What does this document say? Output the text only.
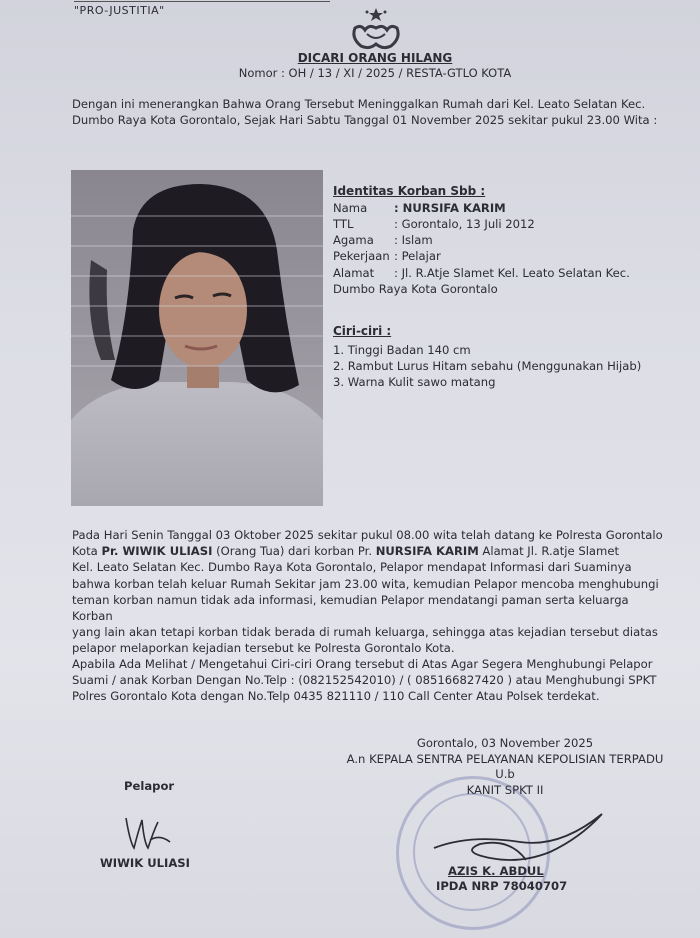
"PRO-JUSTITIA"
DICARI ORANG HILANG
Nomor : OH / 13 / XI / 2025 / RESTA-GTLO KOTA
Dengan ini menerangkan Bahwa Orang Tersebut Meninggalkan Rumah dari Kel. Leato Selatan Kec.
Dumbo Raya Kota Gorontalo, Sejak Hari Sabtu Tanggal 01 November 2025 sekitar pukul 23.00 Wita :
Identitas Korban Sbb :
Nama : NURSIFA KARIM
TTL	: Gorontalo, 13 Juli 2012
Agama : Islam
Pekerjaan : Pelajar
Alamat : Jl. R.Atje Slamet Kel. Leato Selatan Kec.
Dumbo Raya Kota Gorontalo
Ciri-ciri :
1. Tinggi Badan 140 cm
2. Rambut Lurus Hitam sebahu (Menggunakan Hijab)
3. Warna Kulit sawo matang
Pada Hari Senin Tanggal 03 Oktober 2025 sekitar pukul 08.00 wita telah datang ke Polresta Gorontalo
Kota Pr. WIWIK ULIASI (Orang Tua) dari korban Pr. NURSIFA KARIM Alamat Jl. R.atje Slamet
Kel. Leato Selatan Kec. Dumbo Raya Kota Gorontalo, Pelapor mendapat Informasi dari Suaminya
bahwa korban telah keluar Rumah Sekitar jam 23.00 wita, kemudian Pelapor mencoba menghubungi
teman korban namun tidak ada informasi, kemudian Pelapor mendatangi paman serta keluarga Korban
yang lain akan tetapi korban tidak berada di rumah keluarga, sehingga atas kejadian tersebut diatas
pelapor melaporkan kejadian tersebut ke Polresta Gorontalo Kota.
Apabila Ada Melihat / Mengetahui Ciri-ciri Orang tersebut di Atas Agar Segera Menghubungi Pelapor
Suami / anak Korban Dengan No.Telp : (082152542010) / ( 085166827420 ) atau Menghubungi SPKT
Polres Gorontalo Kota dengan No.Telp 0435 821110 / 110 Call Center Atau Polsek terdekat.
Gorontalo, 03 November 2025
A.n KEPALA SENTRA PELAYANAN KEPOLISIAN TERPADU
U.b
KANIT SPKT II
AZIS K. ABDUL
IPDA NRP 78040707
Pelapor
WIWIK ULIASI
